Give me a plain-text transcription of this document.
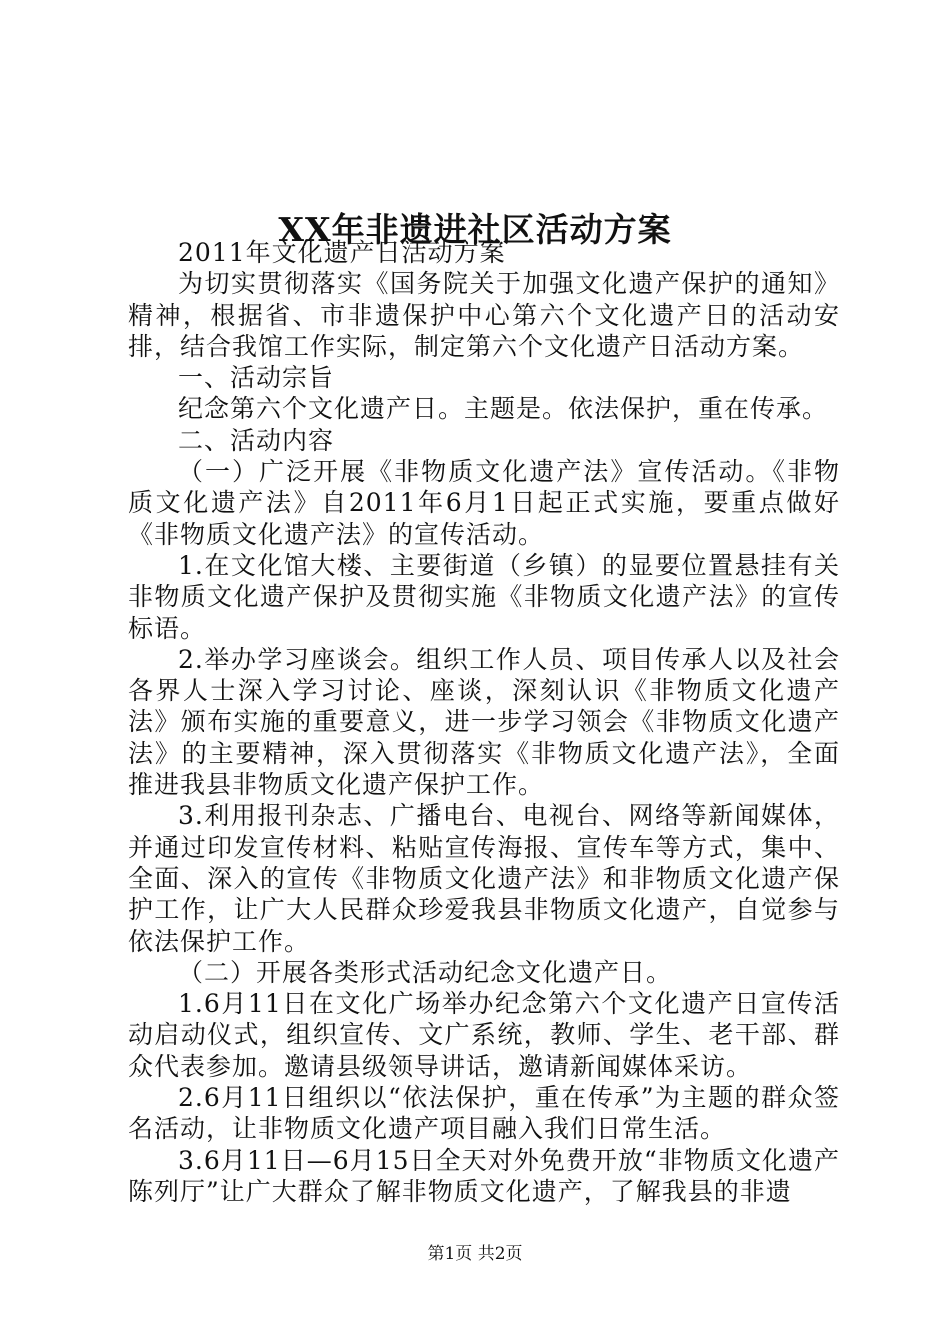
XX年非遗进社区活动方案

2011年文化遗产日活动方案

为切实贯彻落实《国务院关于加强文化遗产保护的通知》精神，根据省、市非遗保护中心第六个文化遗产日的活动安排，结合我馆工作实际，制定第六个文化遗产日活动方案。

一、活动宗旨

纪念第六个文化遗产日。主题是。依法保护，重在传承。

二、活动内容

（一）广泛开展《非物质文化遗产法》宣传活动。《非物质文化遗产法》自2011年6月1日起正式实施，要重点做好《非物质文化遗产法》的宣传活动。

1.在文化馆大楼、主要街道（乡镇）的显要位置悬挂有关非物质文化遗产保护及贯彻实施《非物质文化遗产法》的宣传标语。

2.举办学习座谈会。组织工作人员、项目传承人以及社会各界人士深入学习讨论、座谈，深刻认识《非物质文化遗产法》颁布实施的重要意义，进一步学习领会《非物质文化遗产法》的主要精神，深入贯彻落实《非物质文化遗产法》，全面推进我县非物质文化遗产保护工作。

3.利用报刊杂志、广播电台、电视台、网络等新闻媒体，并通过印发宣传材料、粘贴宣传海报、宣传车等方式，集中、全面、深入的宣传《非物质文化遗产法》和非物质文化遗产保护工作，让广大人民群众珍爱我县非物质文化遗产，自觉参与依法保护工作。

（二）开展各类形式活动纪念文化遗产日。

1.6月11日在文化广场举办纪念第六个文化遗产日宣传活动启动仪式，组织宣传、文广系统，教师、学生、老干部、群众代表参加。邀请县级领导讲话，邀请新闻媒体采访。

2.6月11日组织以“依法保护，重在传承”为主题的群众签名活动，让非物质文化遗产项目融入我们日常生活。

3.6月11日—6月15日全天对外免费开放“非物质文化遗产陈列厅”让广大群众了解非物质文化遗产，了解我县的非遗

第1页 共2页
